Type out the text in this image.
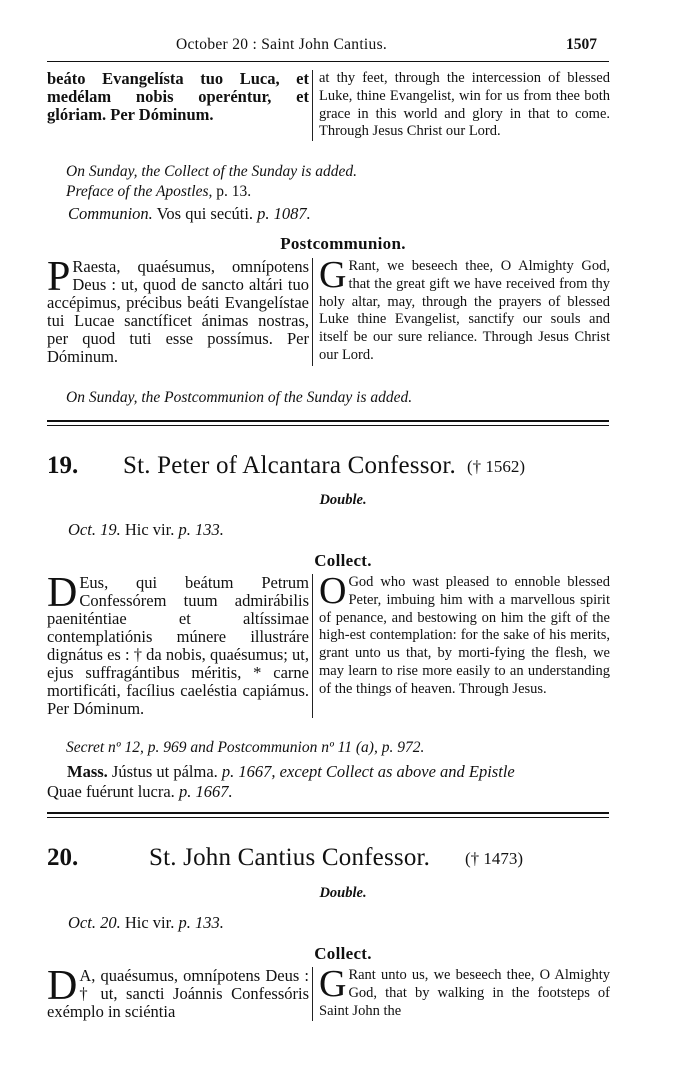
October 20 : Saint John Cantius.	1507

beáto Evangelísta tuo Luca, et medélam nobis operéntur, et glóriam. Per Dóminum.

at thy feet, through the intercession of blessed Luke, thine Evangelist, win for us from thee both grace in this world and glory in that to come. Through Jesus Christ our Lord.

On Sunday, the Collect of the Sunday is added.
Preface of the Apostles, p. 13.
Communion. Vos qui secúti. p. 1087.
Postcommunion.

P Raesta, quaésumus, omnípotens Deus : ut, quod de sancto altári tuo accépimus, précibus beáti Evangelístae tui Lucae sanctíficet ánimas nostras, per quod tuti esse possímus. Per Dóminum.

G Rant, we beseech thee, O Almighty God, that the great gift we have received from thy holy altar, may, through the prayers of blessed Luke thine Evangelist, sanctify our souls and itself be our sure reliance. Through Jesus Christ our Lord.

On Sunday, the Postcommunion of the Sunday is added.
19. St. Peter of Alcantara Confessor. († 1562)
Double.
Oct. 19. Hic vir. p. 133.
Collect.

D Eus, qui beátum Petrum Confessórem tuum admirábilis paeniténtiae et altíssimae contemplatiónis múnere illustráre dignátus es : † da nobis, quaésumus; ut, ejus suffragántibus méritis, * carne mortificáti, facílius caeléstia capiámus. Per Dóminum.

O God who wast pleased to ennoble blessed Peter, imbuing him with a marvellous spirit of penance, and bestowing on him the gift of the high-est contemplation: for the sake of his merits, grant unto us that, by morti-fying the flesh, we may learn to rise more easily to an understanding of the things of heaven. Through Jesus.

Secret nº 12, p. 969 and Postcommunion nº 11 (a), p. 972.
Mass. Jústus ut pálma. p. 1667, except Collect as above and Epistle
Quae fuérunt lucra. p. 1667.
20.	St. John Cantius Confessor. († 1473)
Double.
Oct. 20. Hic vir. p. 133.
Collect.

D A, quaésumus, omnípotens Deus : † ut, sancti Joánnis Confessóris exémplo in sciéntia

G Rant unto us, we beseech thee, O Almighty God, that by walking in the footsteps of Saint John the
